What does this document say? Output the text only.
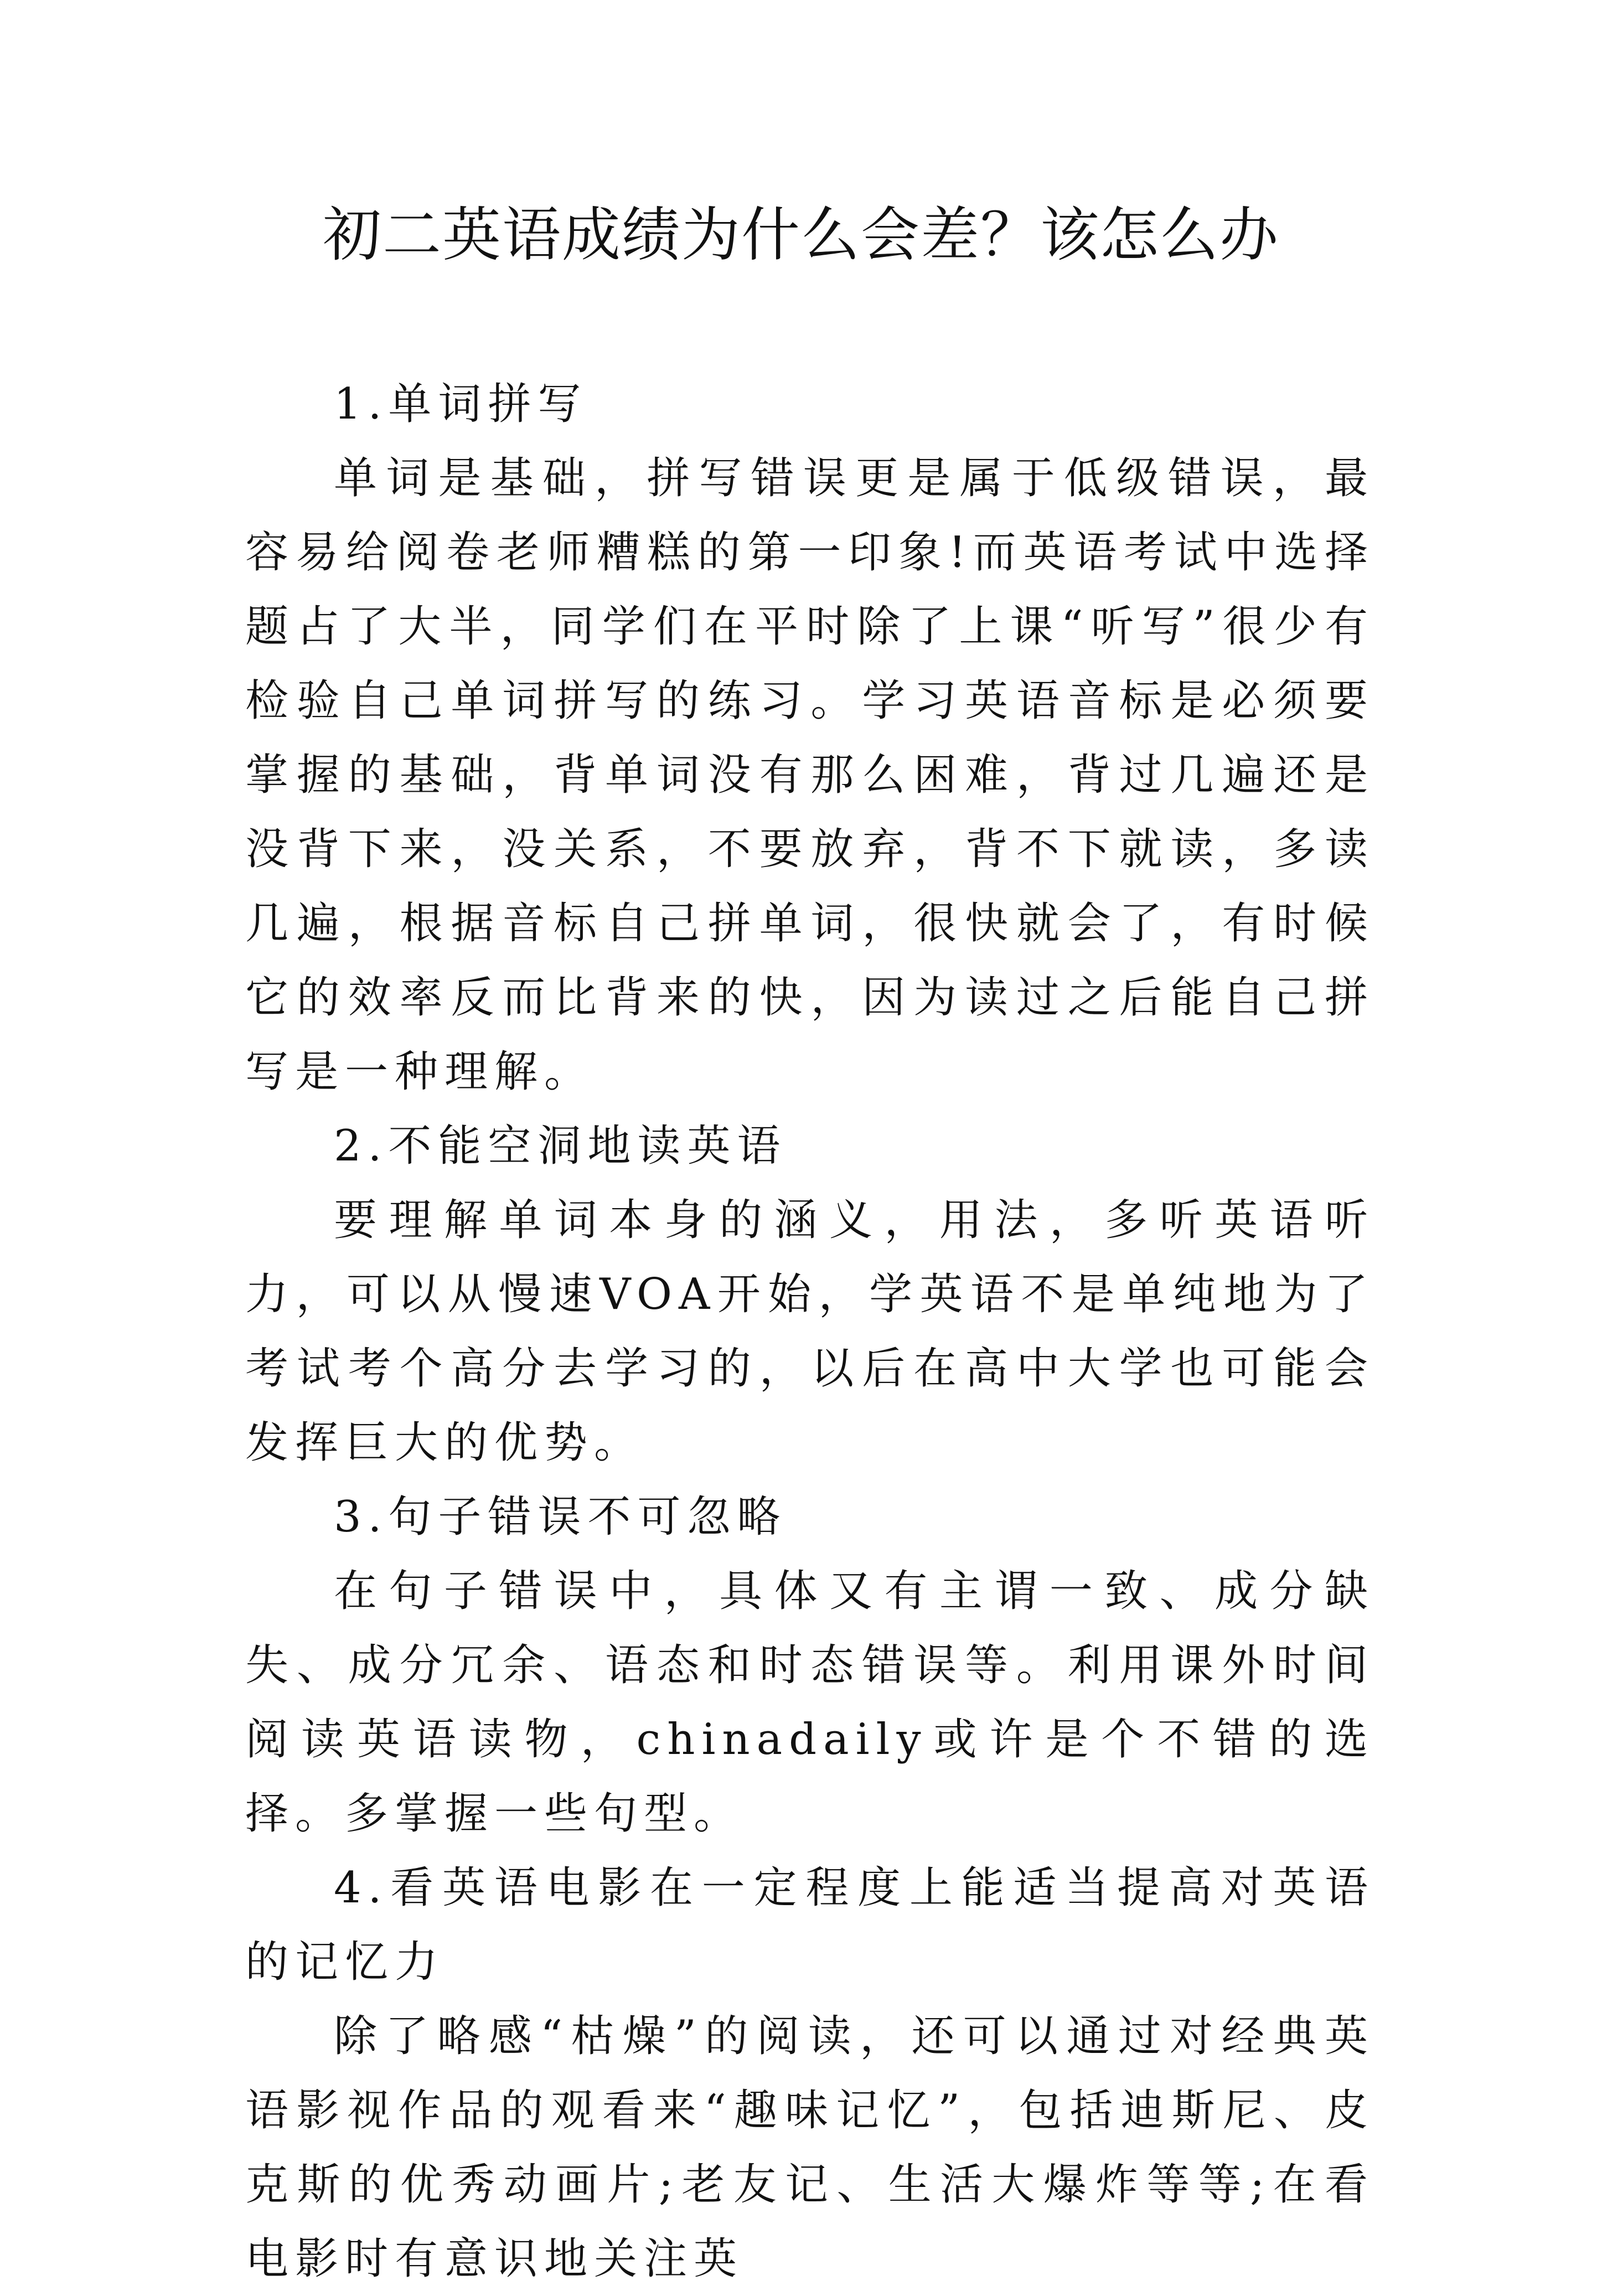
初二英语成绩为什么会差？该怎么办

1.单词拼写

单词是基础，拼写错误更是属于低级错误，最容易给阅卷老师糟糕的第一印象!而英语考试中选择题占了大半，同学们在平时除了上课“听写”很少有检验自己单词拼写的练习。学习英语音标是必须要掌握的基础，背单词没有那么困难，背过几遍还是没背下来，没关系，不要放弃，背不下就读，多读几遍，根据音标自己拼单词，很快就会了，有时候它的效率反而比背来的快，因为读过之后能自己拼写是一种理解。

2.不能空洞地读英语

要理解单词本身的涵义，用法，多听英语听力，可以从慢速VOA开始，学英语不是单纯地为了考试考个高分去学习的，以后在高中大学也可能会发挥巨大的优势。

3.句子错误不可忽略

在句子错误中，具体又有主谓一致、成分缺失、成分冗余、语态和时态错误等。利用课外时间阅读英语读物，chinadaily或许是个不错的选择。多掌握一些句型。

4.看英语电影在一定程度上能适当提高对英语的记忆力

除了略感“枯燥”的阅读，还可以通过对经典英语影视作品的观看来“趣味记忆”，包括迪斯尼、皮克斯的优秀动画片;老友记、生活大爆炸等等;在看电影时有意识地关注英
